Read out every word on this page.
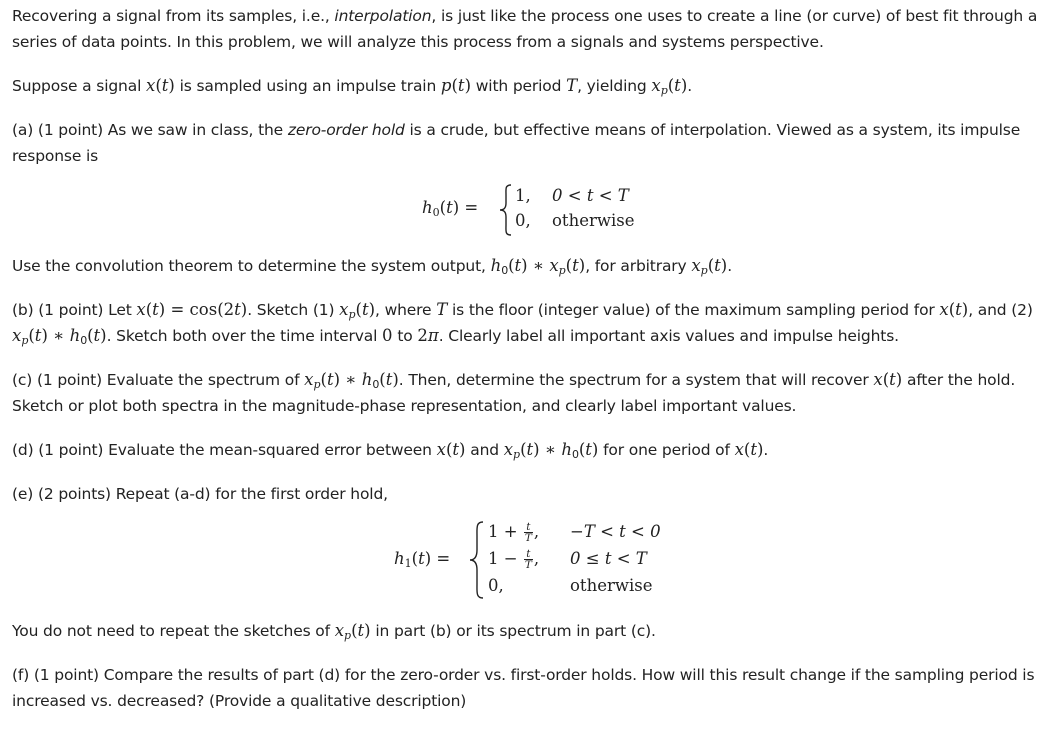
Recovering a signal from its samples, i.e., interpolation, is just like the process one uses to create a line (or curve) of best fit through a series of data points. In this problem, we will analyze this process from a signals and systems perspective.

Suppose a signal x(t) is sampled using an impulse train p(t) with period T, yielding $x_p(t)$.

(a) (1 point) As we saw in class, the zero-order hold is a crude, but effective means of interpolation. Viewed as a system, its impulse response is

$h_0(t)$ =
1, 0 < t < T
0, otherwise

Use the convolution theorem to determine the system output, $h_0(t)$ ∗ $x_p(t)$, for arbitrary $x_p(t)$.

(b) (1 point) Let x(t) = cos(2t). Sketch (1) $x_p(t)$, where T is the floor (integer value) of the maximum sampling period for x(t), and (2) $x_p(t)$ ∗ $h_0(t)$. Sketch both over the time interval 0 to 2π. Clearly label all important axis values and impulse heights.

(c) (1 point) Evaluate the spectrum of $x_p(t)$ ∗ $h_0(t)$. Then, determine the spectrum for a system that will recover x(t) after the hold. Sketch or plot both spectra in the magnitude-phase representation, and clearly label important values.

(d) (1 point) Evaluate the mean-squared error between x(t) and $x_p(t)$ ∗ $h_0(t)$ for one period of x(t).

(e) (2 points) Repeat (a-d) for the first order hold,

$h_1(t)$ =
$1 + \frac{t}{T}$ , −T < t < 0
$1 - \frac{t}{T}$ , 0 ≤ t < T
0,	otherwise

You do not need to repeat the sketches of $x_p(t)$ in part (b) or its spectrum in part (c).

(f) (1 point) Compare the results of part (d) for the zero-order vs. first-order holds. How will this result change if the sampling period is increased vs. decreased? (Provide a qualitative description)
